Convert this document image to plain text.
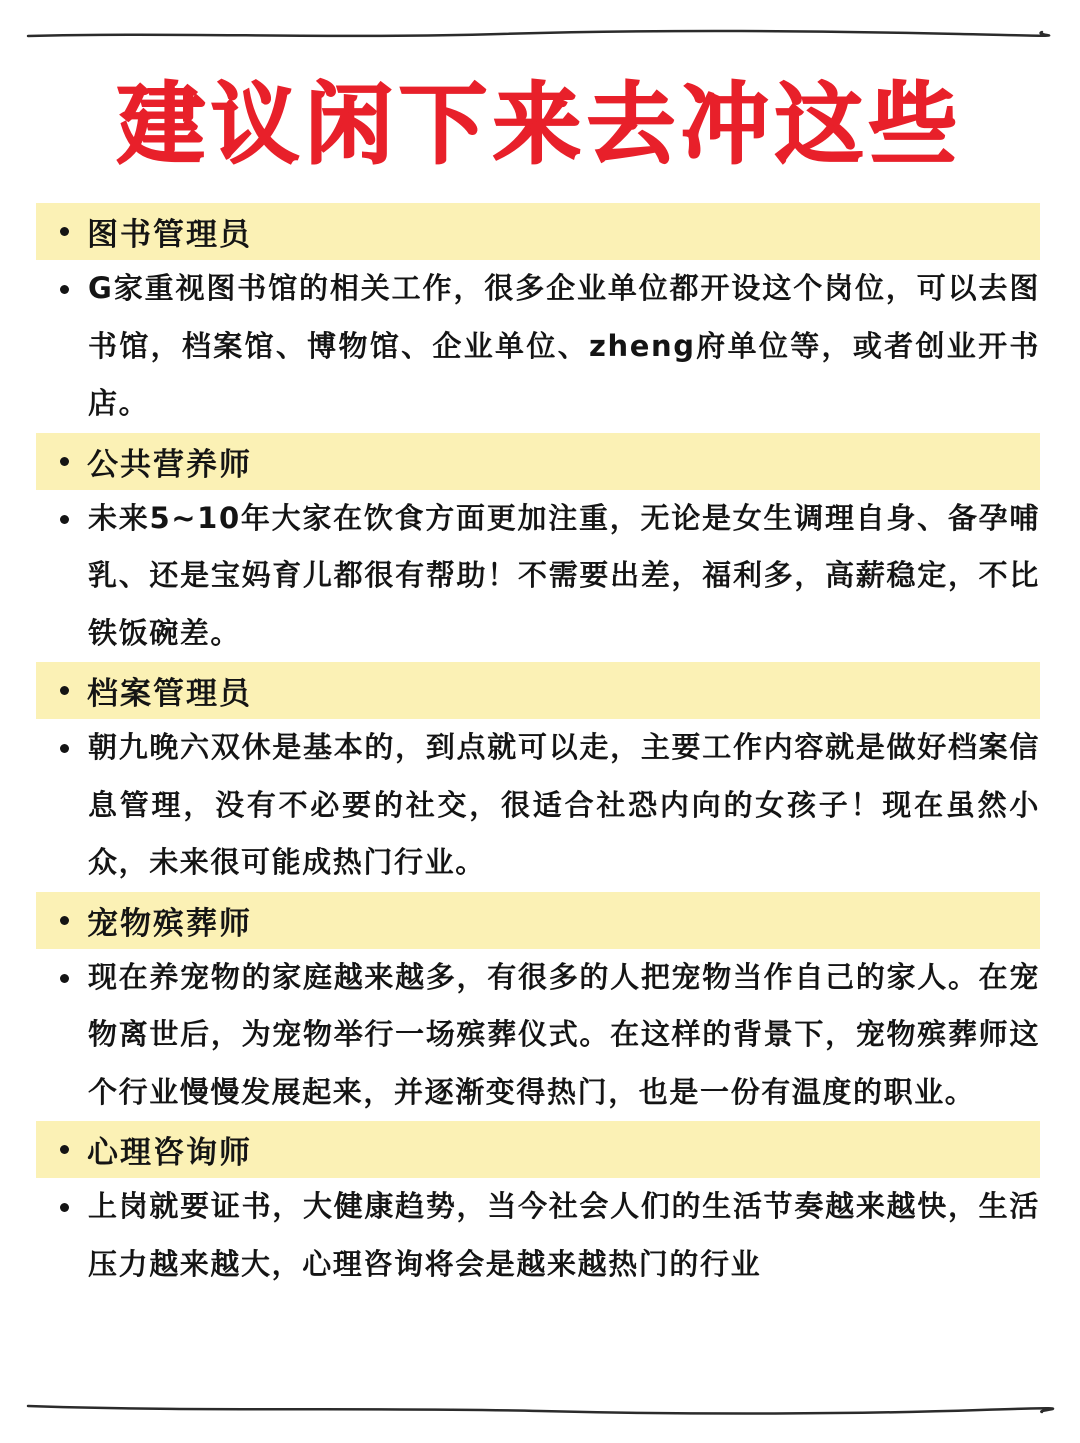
建议闲下来去冲这些
图书管理员

G家重视图书馆的相关工作，很多企业单位都开设这个岗位，可以去图书馆，档案馆、博物馆、企业单位、zheng府单位等，或者创业开书店。

公共营养师

未来5~10年大家在饮食方面更加注重，无论是女生调理自身、备孕哺乳、还是宝妈育儿都很有帮助！不需要出差，福利多，高薪稳定，不比铁饭碗差。

档案管理员

朝九晚六双休是基本的，到点就可以走，主要工作内容就是做好档案信息管理，没有不必要的社交，很适合社恐内向的女孩子！现在虽然小众，未来很可能成热门行业。

宠物殡葬师

现在养宠物的家庭越来越多，有很多的人把宠物当作自己的家人。在宠物离世后，为宠物举行一场殡葬仪式。在这样的背景下，宠物殡葬师这个行业慢慢发展起来，并逐渐变得热门，也是一份有温度的职业。

心理咨询师

上岗就要证书，大健康趋势，当今社会人们的生活节奏越来越快，生活压力越来越大，心理咨询将会是越来越热门的行业
